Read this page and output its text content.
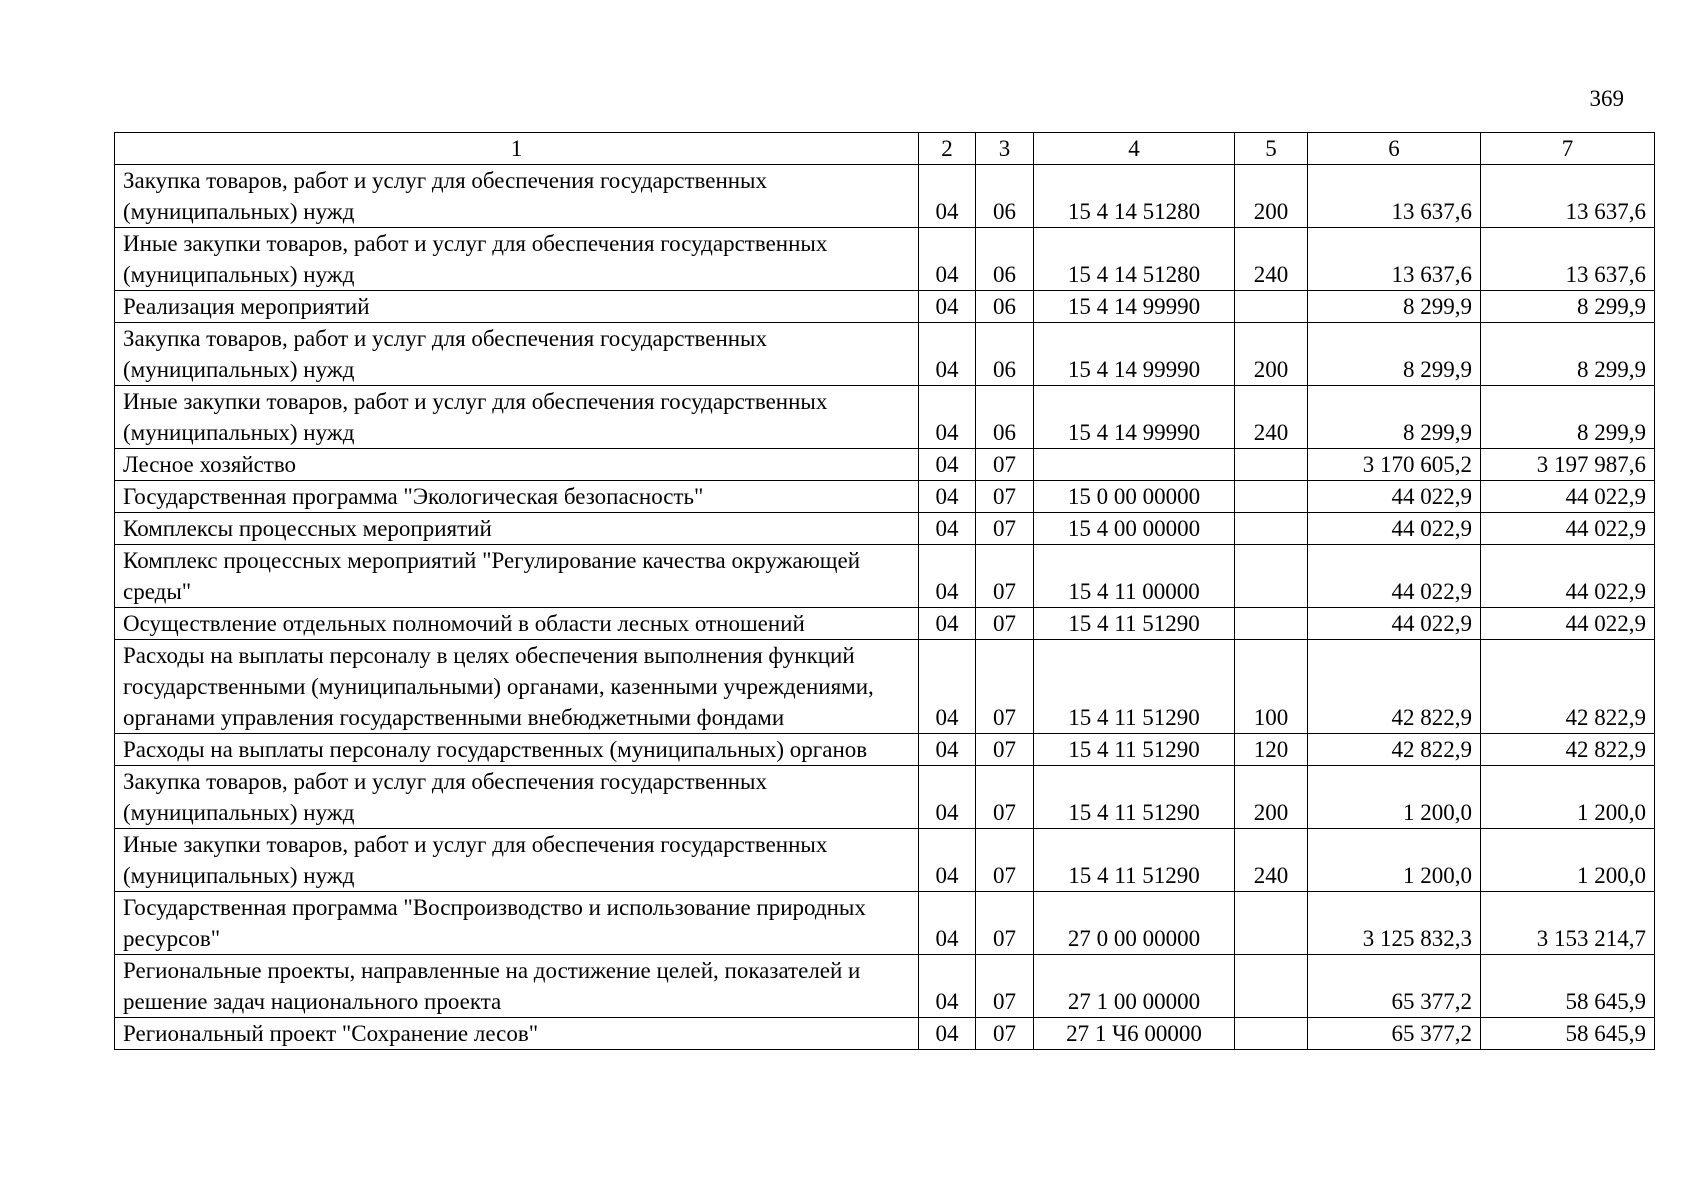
369
1	2	3	4	5	6	7
Закупка товаров, работ и услуг для обеспечения государственных (муниципальных) нужд	04	06	15 4 14 51280	200	13 637,6	13 637,6
Иные закупки товаров, работ и услуг для обеспечения государственных (муниципальных) нужд	04	06	15 4 14 51280	240	13 637,6	13 637,6
Реализация мероприятий	04	06	15 4 14 99990		8 299,9	8 299,9
Закупка товаров, работ и услуг для обеспечения государственных (муниципальных) нужд	04	06	15 4 14 99990	200	8 299,9	8 299,9
Иные закупки товаров, работ и услуг для обеспечения государственных (муниципальных) нужд	04	06	15 4 14 99990	240	8 299,9	8 299,9
Лесное хозяйство	04	07			3 170 605,2	3 197 987,6
Государственная программа "Экологическая безопасность"	04	07	15 0 00 00000		44 022,9	44 022,9
Комплексы процессных мероприятий	04	07	15 4 00 00000		44 022,9	44 022,9
Комплекс процессных мероприятий "Регулирование качества окружающей среды"	04	07	15 4 11 00000		44 022,9	44 022,9
Осуществление отдельных полномочий в области лесных отношений	04	07	15 4 11 51290		44 022,9	44 022,9
Расходы на выплаты персоналу в целях обеспечения выполнения функций государственными (муниципальными) органами, казенными учреждениями, органами управления государственными внебюджетными фондами	04	07	15 4 11 51290	100	42 822,9	42 822,9
Расходы на выплаты персоналу государственных (муниципальных) органов	04	07	15 4 11 51290	120	42 822,9	42 822,9
Закупка товаров, работ и услуг для обеспечения государственных (муниципальных) нужд	04	07	15 4 11 51290	200	1 200,0	1 200,0
Иные закупки товаров, работ и услуг для обеспечения государственных (муниципальных) нужд	04	07	15 4 11 51290	240	1 200,0	1 200,0
Государственная программа "Воспроизводство и использование природных ресурсов"	04	07	27 0 00 00000		3 125 832,3	3 153 214,7
Региональные проекты, направленные на достижение целей, показателей и решение задач национального проекта	04	07	27 1 00 00000		65 377,2	58 645,9
Региональный проект "Сохранение лесов"	04	07	27 1 Ч6 00000		65 377,2	58 645,9
